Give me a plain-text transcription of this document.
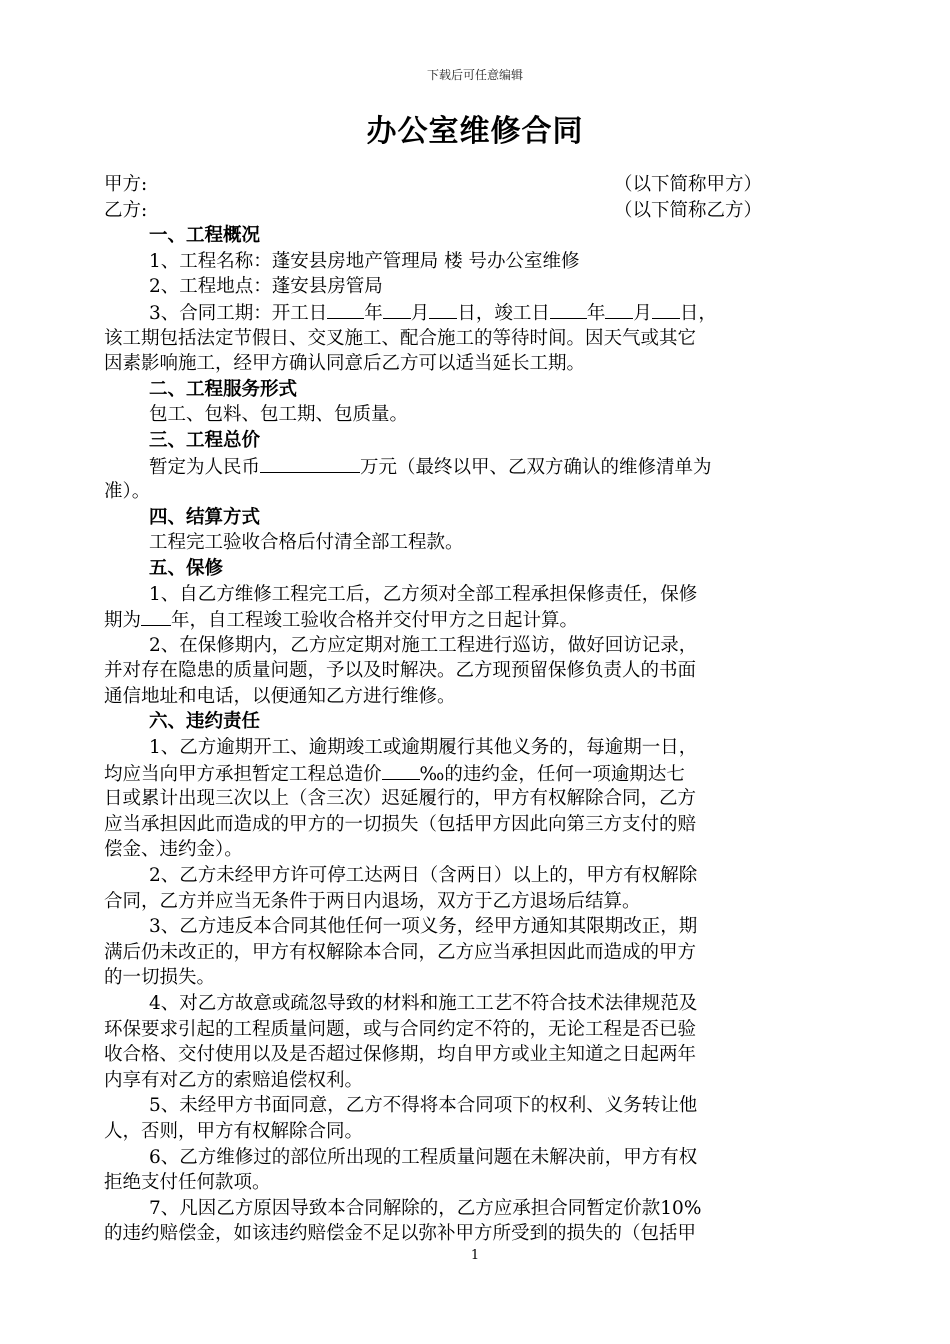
下载后可任意编辑
办公室维修合同
甲方:	（以下简称甲方）
乙方:	（以下简称乙方）
一、工程概况
1、工程名称：蓬安县房地产管理局 楼 号办公室维修
2、工程地点：蓬安县房管局
3、合同工期：开工日 年 月 日，竣工日 年 月 日，
该工期包括法定节假日、交叉施工、配合施工的等待时间。因天气或其它
因素影响施工，经甲方确认同意后乙方可以适当延长工期。
二、工程服务形式
包工、包料、包工期、包质量。
三、工程总价
暂定为人民币	万元（最终以甲、乙双方确认的维修清单为
准）。
四、结算方式
工程完工验收合格后付清全部工程款。
五、保修
1、自乙方维修工程完工后，乙方须对全部工程承担保修责任，保修
期为 年，自工程竣工验收合格并交付甲方之日起计算。
2、在保修期内，乙方应定期对施工工程进行巡访，做好回访记录，
并对存在隐患的质量问题，予以及时解决。乙方现预留保修负责人的书面
通信地址和电话，以便通知乙方进行维修。
六、违约责任
1、乙方逾期开工、逾期竣工或逾期履行其他义务的，每逾期一日，
均应当向甲方承担暂定工程总造价 ‰的违约金，任何一项逾期达七
日或累计出现三次以上（含三次）迟延履行的，甲方有权解除合同，乙方
应当承担因此而造成的甲方的一切损失（包括甲方因此向第三方支付的赔
偿金、违约金）。
2、乙方未经甲方许可停工达两日（含两日）以上的，甲方有权解除
合同，乙方并应当无条件于两日内退场，双方于乙方退场后结算。
3、乙方违反本合同其他任何一项义务，经甲方通知其限期改正，期
满后仍未改正的，甲方有权解除本合同，乙方应当承担因此而造成的甲方
的一切损失。
4、对乙方故意或疏忽导致的材料和施工工艺不符合技术法律规范及
环保要求引起的工程质量问题，或与合同约定不符的，无论工程是否已验
收合格、交付使用以及是否超过保修期，均自甲方或业主知道之日起两年
内享有对乙方的索赔追偿权利。
5、未经甲方书面同意，乙方不得将本合同项下的权利、义务转让他
人，否则，甲方有权解除合同。
6、乙方维修过的部位所出现的工程质量问题在未解决前，甲方有权
拒绝支付任何款项。
7、凡因乙方原因导致本合同解除的，乙方应承担合同暂定价款10%
的违约赔偿金，如该违约赔偿金不足以弥补甲方所受到的损失的（包括甲
1
